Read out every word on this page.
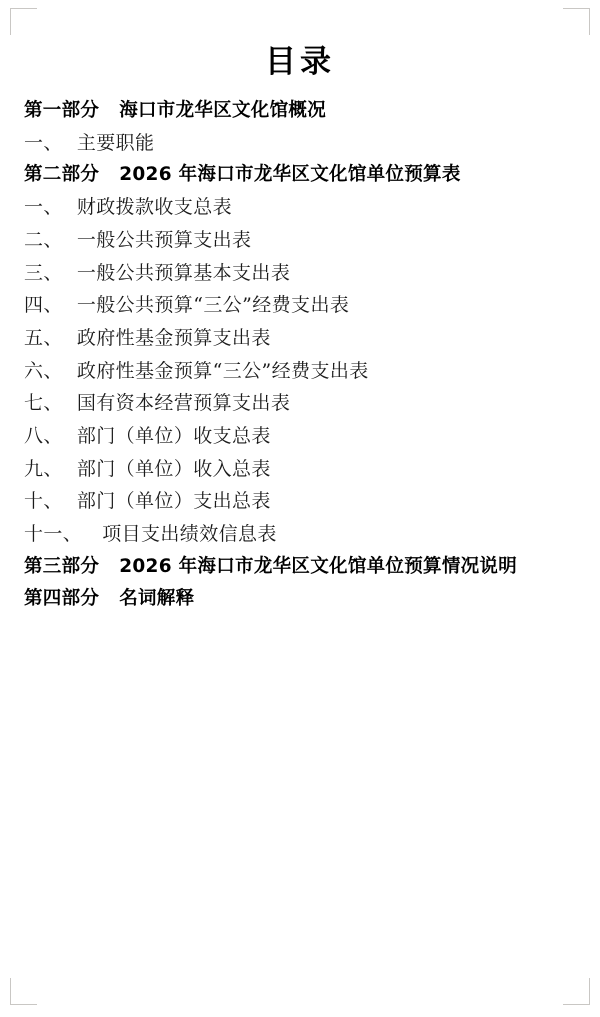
目录
第一部分 海口市龙华区文化馆概况
一、 主要职能
第二部分 2026 年海口市龙华区文化馆单位预算表
一、 财政拨款收支总表
二、 一般公共预算支出表
三、 一般公共预算基本支出表
四、 一般公共预算“三公”经费支出表
五、 政府性基金预算支出表
六、 政府性基金预算“三公”经费支出表
七、 国有资本经营预算支出表
八、 部门（单位）收支总表
九、 部门（单位）收入总表
十、 部门（单位）支出总表
十一、 项目支出绩效信息表
第三部分 2026 年海口市龙华区文化馆单位预算情况说明
第四部分 名词解释
